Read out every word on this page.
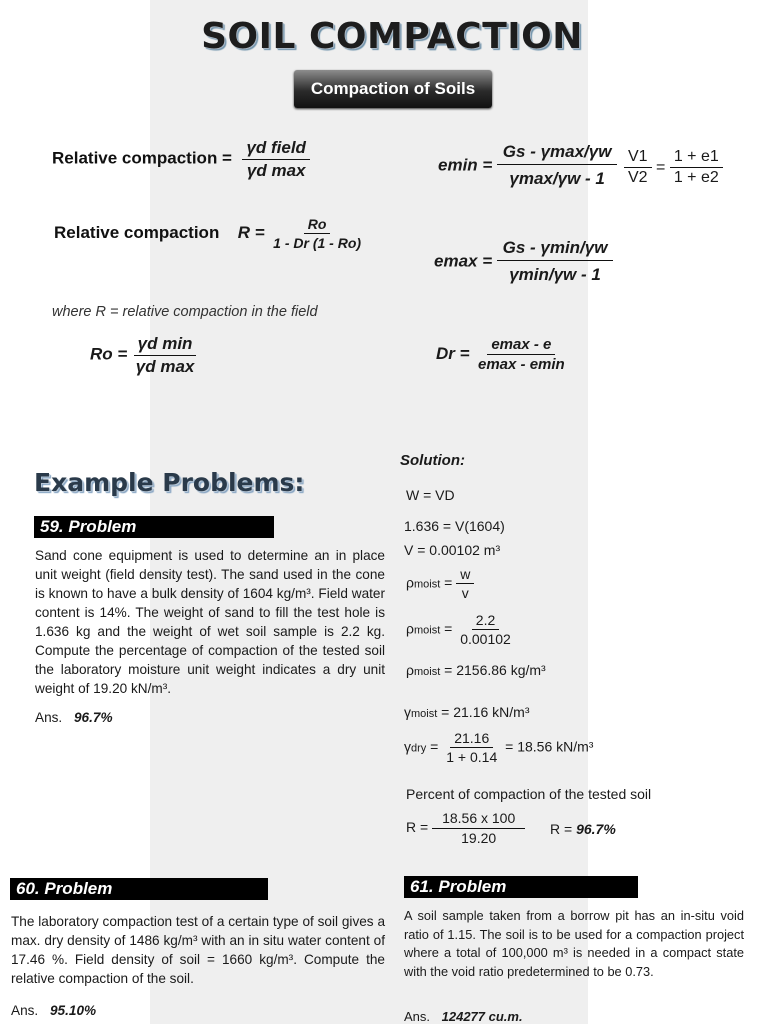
SOIL COMPACTION
Compaction of Soils
Relative compaction = $\frac{\text{γd field}}{\text{γd max}}$
Relative compaction $R = \frac{Ro}{1 - Dr (1 - Ro)}$
where R = relative compaction in the field
$Ro = \frac{\text{γd min}}{\text{γd max}}$
$emin = \frac{Gs - \gamma\max/\gamma w}{\gamma\max/\gamma w - 1}$
$emax = \frac{Gs - \gamma\min/\gamma w}{\gamma\min/\gamma w - 1}$
$Dr = \frac{emax - e}{emax - emin}$
$\frac{V1}{V2} = \frac{1 + e1}{1 + e2}$
Example Problems:
59. Problem
Sand cone equipment is used to determine an in place unit weight (field density test). The sand used in the cone is known to have a bulk density of 1604 kg/m³. Field water content is 14%. The weight of sand to fill the test hole is 1.636 kg and the weight of wet soil sample is 2.2 kg. Compute the percentage of compaction of the tested soil the laboratory moisture unit weight indicates a dry unit weight of 19.20 kN/m³.
Ans. 96.7%
Solution:
W = VD
1.636 = V(1604)
V = 0.00102 m³
ρmoist = $\frac{w}{v}$
ρmoist = $\frac{2.2}{0.00102}$
ρmoist = 2156.86 kg/m³
γmoist = 21.16 kN/m³
$\gamma dry = \frac{21.16}{1 + 0.14} = 18.56$ kN/m³
Percent of compaction of the tested soil
$R = \frac{18.56 x 100}{19.20}$ R = 96.7%
60. Problem
The laboratory compaction test of a certain type of soil gives a max. dry density of 1486 kg/m³ with an in situ water content of 17.46 %. Field density of soil = 1660 kg/m³. Compute the relative compaction of the soil.
Ans. 95.10%
61. Problem
A soil sample taken from a borrow pit has an in-situ void ratio of 1.15. The soil is to be used for a compaction project where a total of 100,000 m³ is needed in a compact state with the void ratio predetermined to be 0.73.
Ans. 124277 cu.m.
